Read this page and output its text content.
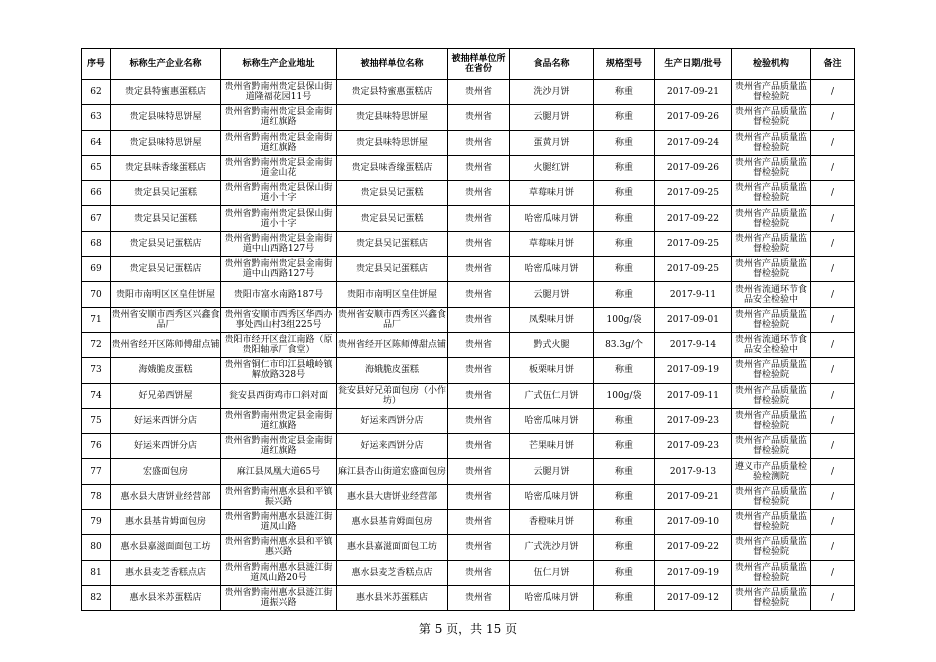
序号	标称生产企业名称	标称生产企业地址	被抽样单位名称	被抽样单位所在省份	食品名称	规格型号	生产日期/批号	检验机构	备注
62	贵定县特蜜惠蛋糕店	贵州省黔南州贵定县保山街道隆福花园11号	贵定县特蜜惠蛋糕店	贵州省	洗沙月饼	称重	2017-09-21	贵州省产品质量监督检验院	/
63	贵定县味特思饼屋	贵州省黔南州贵定县金南街道红旗路	贵定县味特思饼屋	贵州省	云腿月饼	称重	2017-09-26	贵州省产品质量监督检验院	/
64	贵定县味特思饼屋	贵州省黔南州贵定县金南街道红旗路	贵定县味特思饼屋	贵州省	蛋黄月饼	称重	2017-09-24	贵州省产品质量监督检验院	/
65	贵定县味香缘蛋糕店	贵州省黔南州贵定县金南街道金山花	贵定县味香缘蛋糕店	贵州省	火腿红饼	称重	2017-09-26	贵州省产品质量监督检验院	/
66	贵定县吴记蛋糕	贵州省黔南州贵定县保山街道小十字	贵定县吴记蛋糕	贵州省	草莓味月饼	称重	2017-09-25	贵州省产品质量监督检验院	/
67	贵定县吴记蛋糕	贵州省黔南州贵定县保山街道小十字	贵定县吴记蛋糕	贵州省	哈密瓜味月饼	称重	2017-09-22	贵州省产品质量监督检验院	/
68	贵定县吴记蛋糕店	贵州省黔南州贵定县金南街道中山西路127号	贵定县吴记蛋糕店	贵州省	草莓味月饼	称重	2017-09-25	贵州省产品质量监督检验院	/
69	贵定县吴记蛋糕店	贵州省黔南州贵定县金南街道中山西路127号	贵定县吴记蛋糕店	贵州省	哈密瓜味月饼	称重	2017-09-25	贵州省产品质量监督检验院	/
70	贵阳市南明区区皇佳饼屋	贵阳市富水南路187号	贵阳市南明区皇佳饼屋	贵州省	云腿月饼	称重	2017-9-11	贵州省流通环节食品安全检验中	/
71	贵州省安顺市西秀区兴鑫食品厂	贵州省安顺市西秀区华西办事处西山村3组225号	贵州省安顺市西秀区兴鑫食品厂	贵州省	凤梨味月饼	100g/袋	2017-09-01	贵州省产品质量监督检验院	/
72	贵州省经开区陈师傅甜点铺	贵阳市经开区盘江南路（原贵阳轴承厂食堂）	贵州省经开区陈师傅甜点铺	贵州省	黔式火腿	83.3g/个	2017-9-14	贵州省流通环节食品安全检验中	/
73	海娥脆皮蛋糕	贵州省铜仁市印江县峨岭镇解放路328号	海娥脆皮蛋糕	贵州省	板栗味月饼	称重	2017-09-19	贵州省产品质量监督检验院	/
74	好兄弟西饼屋	瓮安县西街鸡市口斜对面	瓮安县好兄弟面包房（小作坊）	贵州省	广式伍仁月饼	100g/袋	2017-09-11	贵州省产品质量监督检验院	/
75	好运来西饼分店	贵州省黔南州贵定县金南街道红旗路	好运来西饼分店	贵州省	哈密瓜味月饼	称重	2017-09-23	贵州省产品质量监督检验院	/
76	好运来西饼分店	贵州省黔南州贵定县金南街道红旗路	好运来西饼分店	贵州省	芒果味月饼	称重	2017-09-23	贵州省产品质量监督检验院	/
77	宏盛面包房	麻江县凤凰大道65号	麻江县杏山街道宏盛面包房	贵州省	云腿月饼	称重	2017-9-13	遵义市产品质量检验检测院	/
78	惠水县大唐饼业经营部	贵州省黔南州惠水县和平镇振兴路	惠水县大唐饼业经营部	贵州省	哈密瓜味月饼	称重	2017-09-21	贵州省产品质量监督检验院	/
79	惠水县基肯姆面包房	贵州省黔南州惠水县涟江街道凤山路	惠水县基肯姆面包房	贵州省	香橙味月饼	称重	2017-09-10	贵州省产品质量监督检验院	/
80	惠水县嘉滋面面包工坊	贵州省黔南州惠水县和平镇惠兴路	惠水县嘉滋面面包工坊	贵州省	广式洗沙月饼	称重	2017-09-22	贵州省产品质量监督检验院	/
81	惠水县麦芝香糕点店	贵州省黔南州惠水县涟江街道凤山路20号	惠水县麦芝香糕点店	贵州省	伍仁月饼	称重	2017-09-19	贵州省产品质量监督检验院	/
82	惠水县米苏蛋糕店	贵州省黔南州惠水县涟江街道振兴路	惠水县米苏蛋糕店	贵州省	哈密瓜味月饼	称重	2017-09-12	贵州省产品质量监督检验院	/
第 5 页，共 15 页
